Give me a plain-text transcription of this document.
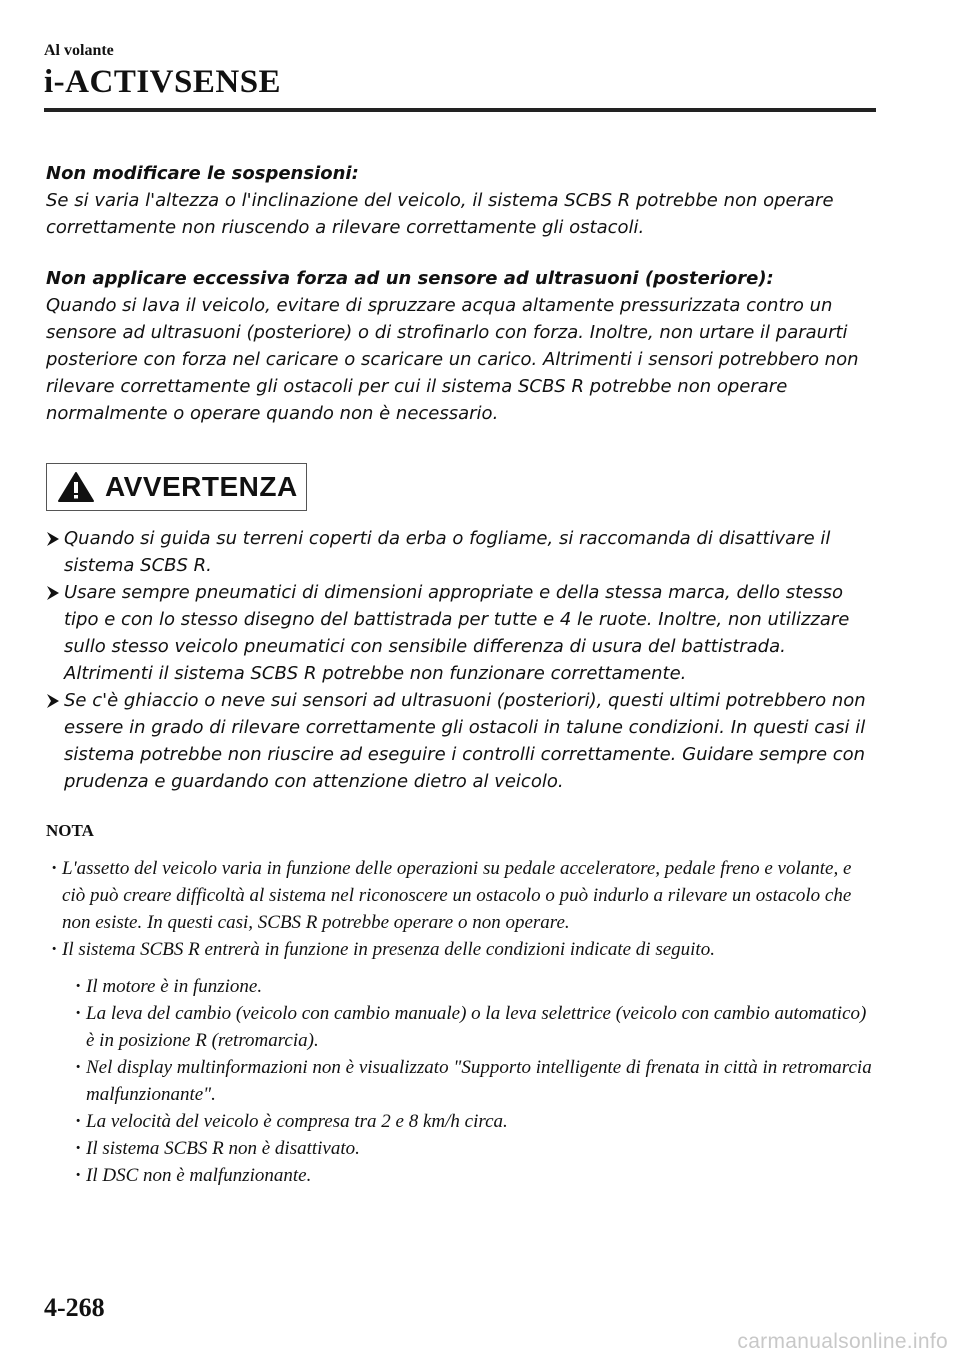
Al volante
i-ACTIVSENSE
Non modificare le sospensioni:

Se si varia l'altezza o l'inclinazione del veicolo, il sistema SCBS R potrebbe non operare correttamente non riuscendo a rilevare correttamente gli ostacoli.

Non applicare eccessiva forza ad un sensore ad ultrasuoni (posteriore):

Quando si lava il veicolo, evitare di spruzzare acqua altamente pressurizzata contro un sensore ad ultrasuoni (posteriore) o di strofinarlo con forza. Inoltre, non urtare il paraurti posteriore con forza nel caricare o scaricare un carico. Altrimenti i sensori potrebbero non rilevare correttamente gli ostacoli per cui il sistema SCBS R potrebbe non operare normalmente o operare quando non è necessario.

AVVERTENZA
Quando si guida su terreni coperti da erba o fogliame, si raccomanda di disattivare il sistema SCBS R.
Usare sempre pneumatici di dimensioni appropriate e della stessa marca, dello stesso tipo e con lo stesso disegno del battistrada per tutte e 4 le ruote. Inoltre, non utilizzare sullo stesso veicolo pneumatici con sensibile differenza di usura del battistrada. Altrimenti il sistema SCBS R potrebbe non funzionare correttamente.
Se c'è ghiaccio o neve sui sensori ad ultrasuoni (posteriori), questi ultimi potrebbero non essere in grado di rilevare correttamente gli ostacoli in talune condizioni. In questi casi il sistema potrebbe non riuscire ad eseguire i controlli correttamente. Guidare sempre con prudenza e guardando con attenzione dietro al veicolo.
NOTA
· L'assetto del veicolo varia in funzione delle operazioni su pedale acceleratore, pedale freno e volante, e ciò può creare difficoltà al sistema nel riconoscere un ostacolo o può indurlo a rilevare un ostacolo che non esiste. In questi casi, SCBS R potrebbe operare o non operare.
· Il sistema SCBS R entrerà in funzione in presenza delle condizioni indicate di seguito.
· Il motore è in funzione.
· La leva del cambio (veicolo con cambio manuale) o la leva selettrice (veicolo con cambio automatico) è in posizione R (retromarcia).
· Nel display multinformazioni non è visualizzato "Supporto intelligente di frenata in città in retromarcia malfunzionante".
· La velocità del veicolo è compresa tra 2 e 8 km/h circa.
· Il sistema SCBS R non è disattivato.
· Il DSC non è malfunzionante.
4-268
carmanualsonline.info
